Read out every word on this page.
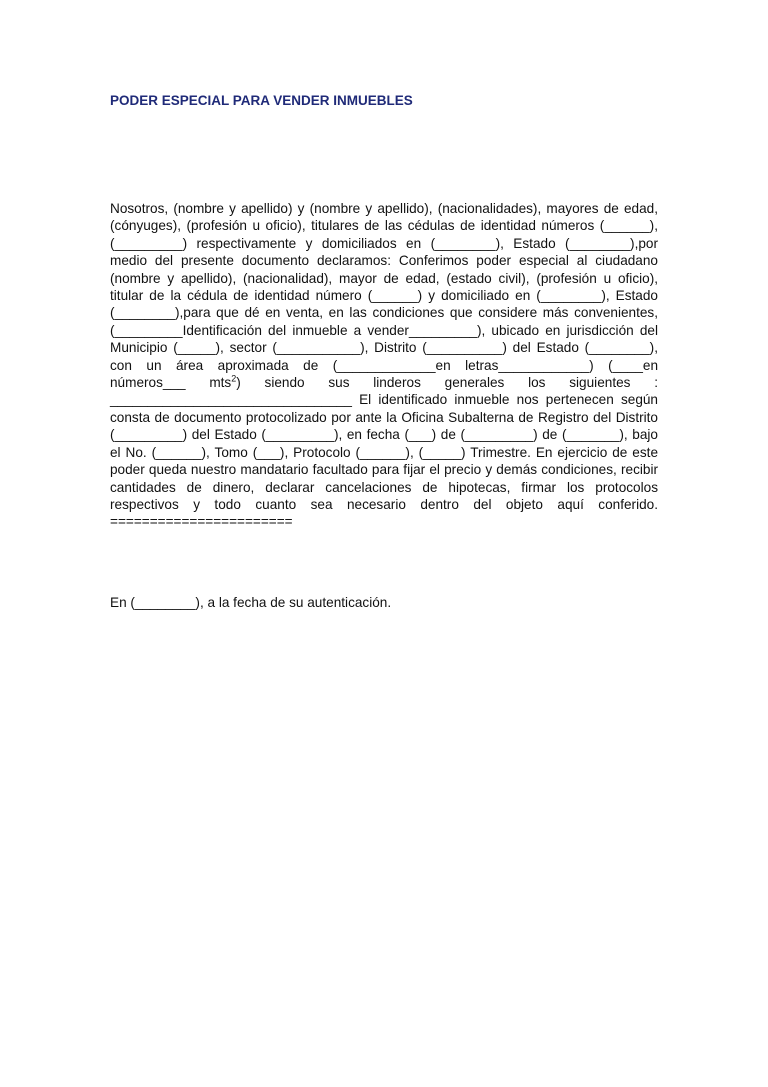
PODER ESPECIAL PARA VENDER INMUEBLES

Nosotros, (nombre y apellido) y (nombre y apellido), (nacionalidades), mayores de edad, (cónyuges), (profesión u oficio), titulares de las cédulas de identidad números (______), (_________) respectivamente y domiciliados en (________), Estado (________),por medio del presente documento declaramos: Conferimos poder especial al ciudadano (nombre y apellido), (nacionalidad), mayor de edad, (estado civil), (profesión u oficio), titular de la cédula de identidad número (______) y domiciliado en (________), Estado (________),para que dé en venta, en las condiciones que considere más convenientes, (_________Identificación del inmueble a vender_________), ubicado en jurisdicción del Municipio (_____), sector (___________), Distrito (__________) del Estado (________), con un área aproximada de (_____________en letras____________) (____en números___ mts$^2$) siendo sus linderos generales los siguientes : ________________________________ El identificado inmueble nos pertenecen según consta de documento protocolizado por ante la Oficina Subalterna de Registro del Distrito (_________) del Estado (_________), en fecha (___) de (_________) de (_______), bajo el No. (______), Tomo (___), Protocolo (______), (_____) Trimestre. En ejercicio de este poder queda nuestro mandatario facultado para fijar el precio y demás condiciones, recibir cantidades de dinero, declarar cancelaciones de hipotecas, firmar los protocolos respectivos y todo cuanto sea necesario dentro del objeto aquí conferido. =======================

En (________), a la fecha de su autenticación.
